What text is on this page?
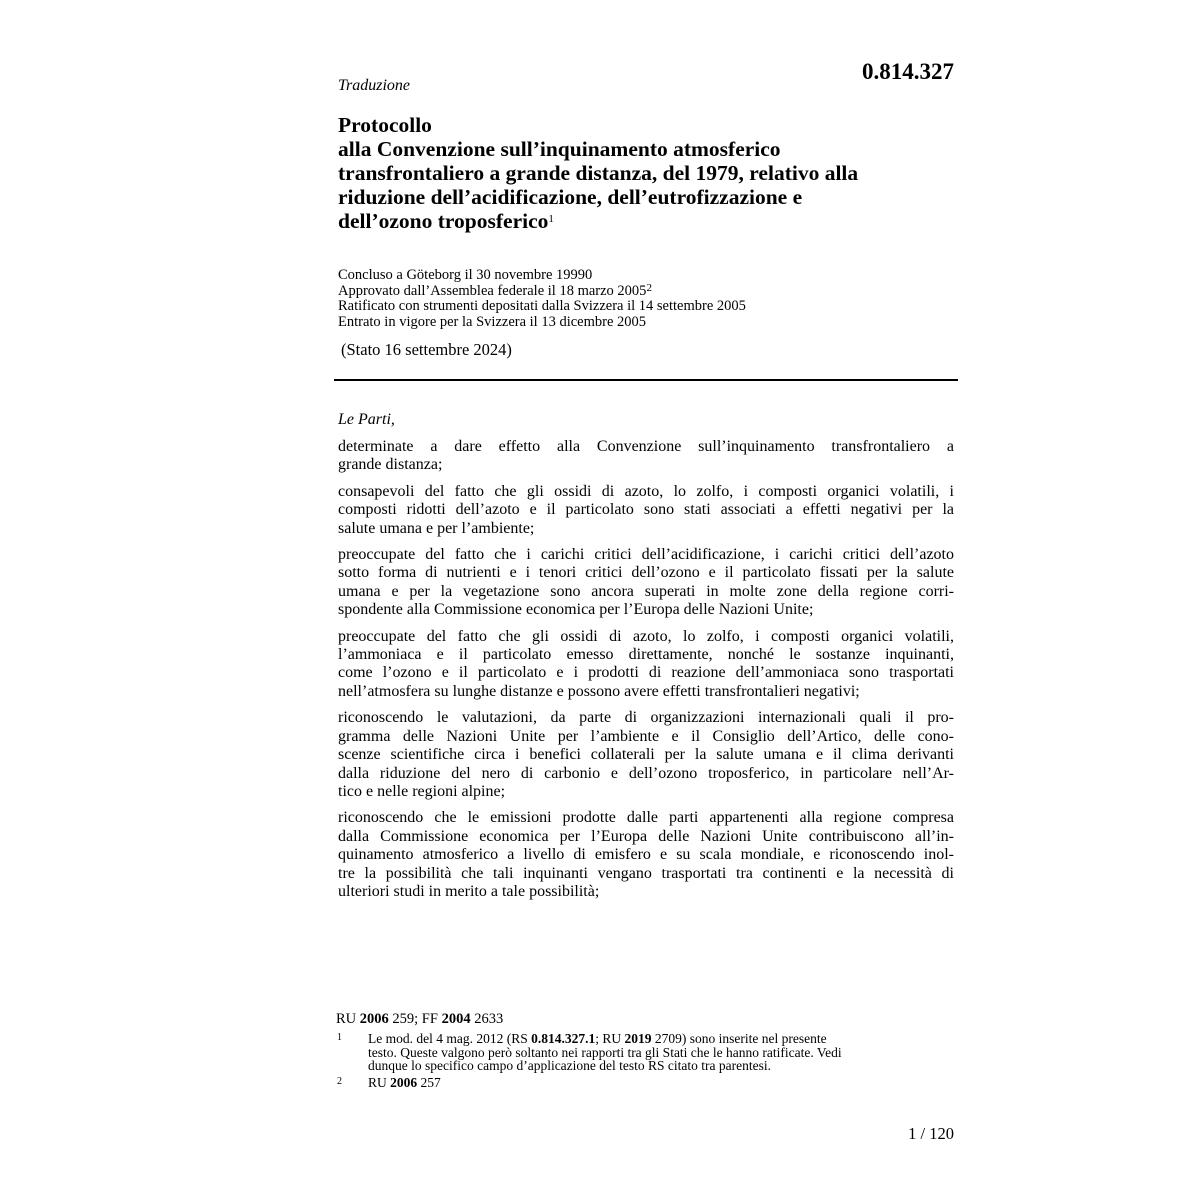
0.814.327
Traduzione
Protocollo
alla Convenzione sull’inquinamento atmosferico
transfrontaliero a grande distanza, del 1979, relativo alla
riduzione dell’acidificazione, dell’eutrofizzazione e
dell’ozono troposferico$^1$
Concluso a Göteborg il 30 novembre 19990
Approvato dall’Assemblea federale il 18 marzo 2005$^2$
Ratificato con strumenti depositati dalla Svizzera il 14 settembre 2005
Entrato in vigore per la Svizzera il 13 dicembre 2005
(Stato 16 settembre 2024)

Le Parti,

determinate a dare effetto alla Convenzione sull’inquinamento transfrontaliero a
grande distanza;
consapevoli del fatto che gli ossidi di azoto, lo zolfo, i composti organici volatili, i
composti ridotti dell’azoto e il particolato sono stati associati a effetti negativi per la
salute umana e per l’ambiente;
preoccupate del fatto che i carichi critici dell’acidificazione, i carichi critici dell’azoto
sotto forma di nutrienti e i tenori critici dell’ozono e il particolato fissati per la salute
umana e per la vegetazione sono ancora superati in molte zone della regione corri-
spondente alla Commissione economica per l’Europa delle Nazioni Unite;
preoccupate del fatto che gli ossidi di azoto, lo zolfo, i composti organici volatili,
l’ammoniaca e il particolato emesso direttamente, nonché le sostanze inquinanti,
come l’ozono e il particolato e i prodotti di reazione dell’ammoniaca sono trasportati
nell’atmosfera su lunghe distanze e possono avere effetti transfrontalieri negativi;
riconoscendo le valutazioni, da parte di organizzazioni internazionali quali il pro-
gramma delle Nazioni Unite per l’ambiente e il Consiglio dell’Artico, delle cono-
scenze scientifiche circa i benefici collaterali per la salute umana e il clima derivanti
dalla riduzione del nero di carbonio e dell’ozono troposferico, in particolare nell’Ar-
tico e nelle regioni alpine;
riconoscendo che le emissioni prodotte dalle parti appartenenti alla regione compresa
dalla Commissione economica per l’Europa delle Nazioni Unite contribuiscono all’in-
quinamento atmosferico a livello di emisfero e su scala mondiale, e riconoscendo inol-
tre la possibilità che tali inquinanti vengano trasportati tra continenti e la necessità di
ulteriori studi in merito a tale possibilità;
RU 2006 259; FF 2004 2633
1 Le mod. del 4 mag. 2012 (RS 0.814.327.1; RU 2019 2709) sono inserite nel presente
testo. Queste valgono però soltanto nei rapporti tra gli Stati che le hanno ratificate. Vedi
dunque lo specifico campo d’applicazione del testo RS citato tra parentesi.
2 RU 2006 257
1 / 120
